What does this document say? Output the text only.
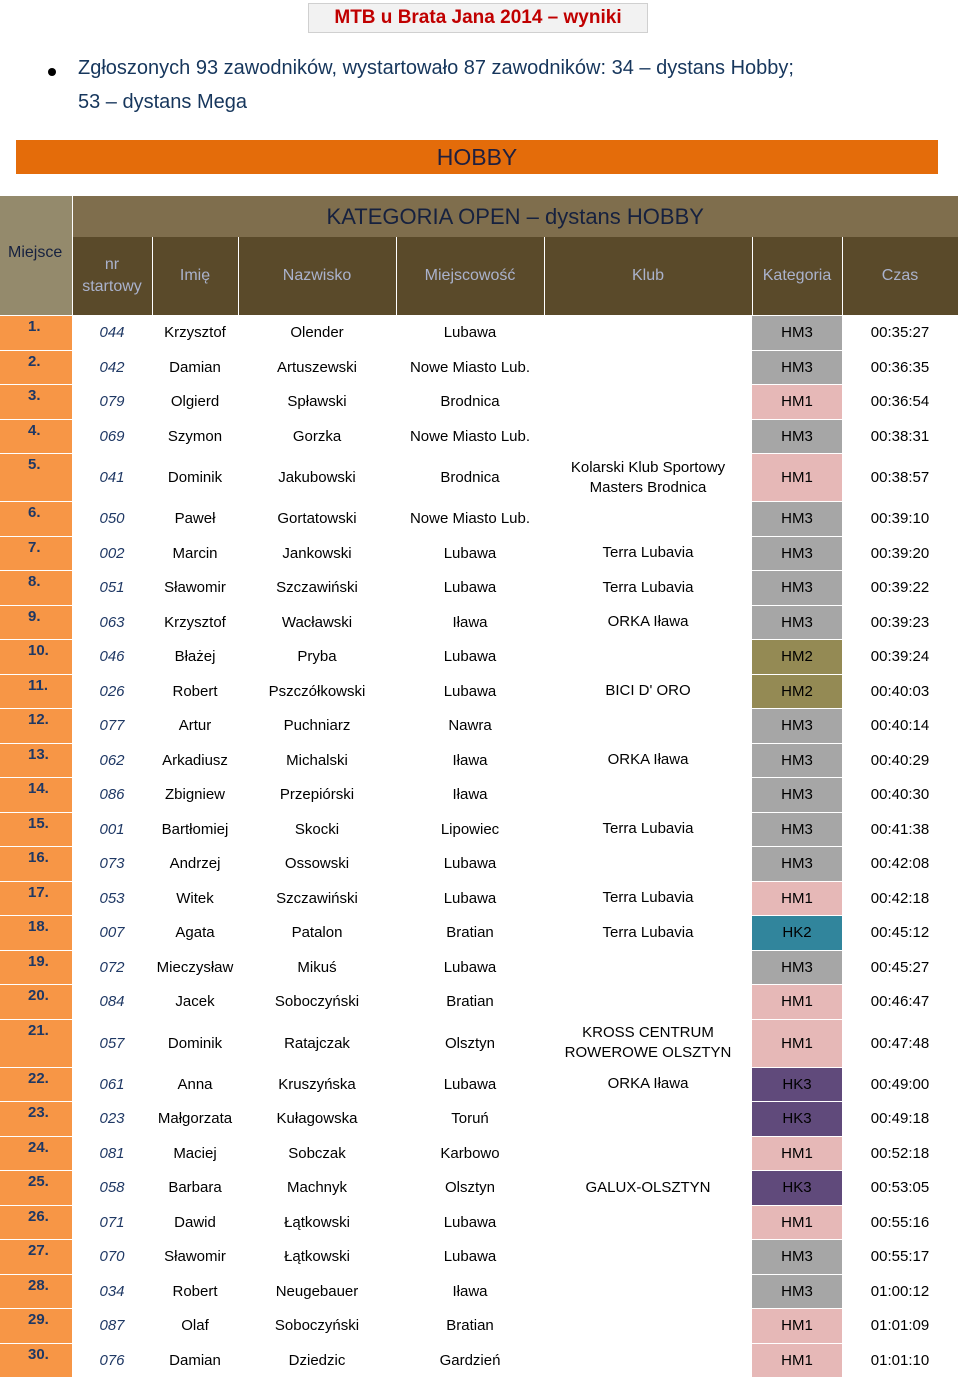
MTB u Brata Jana 2014 – wyniki
Zgłoszonych 93 zawodników, wystartowało 87 zawodników: 34 – dystans Hobby;
53 – dystans Mega
HOBBY
Miejsce	KATEGORIA OPEN – dystans HOBBY						
	nr
startowy	Imię	Nazwisko	Miejscowość	Klub	Kategoria	Czas
1.	044	Krzysztof	Olender	Lubawa		HM3	00:35:27
2.	042	Damian	Artuszewski	Nowe Miasto Lub.		HM3	00:36:35
3.	079	Olgierd	Spławski	Brodnica		HM1	00:36:54
4.	069	Szymon	Gorzka	Nowe Miasto Lub.		HM3	00:38:31
5.	041	Dominik	Jakubowski	Brodnica	Kolarski Klub Sportowy
Masters Brodnica	HM1	00:38:57
6.	050	Paweł	Gortatowski	Nowe Miasto Lub.		HM3	00:39:10
7.	002	Marcin	Jankowski	Lubawa	Terra Lubavia	HM3	00:39:20
8.	051	Sławomir	Szczawiński	Lubawa	Terra Lubavia	HM3	00:39:22
9.	063	Krzysztof	Wacławski	Iława	ORKA Iława	HM3	00:39:23
10.	046	Błażej	Pryba	Lubawa		HM2	00:39:24
11.	026	Robert	Pszczółkowski	Lubawa	BICI D' ORO	HM2	00:40:03
12.	077	Artur	Puchniarz	Nawra		HM3	00:40:14
13.	062	Arkadiusz	Michalski	Iława	ORKA Iława	HM3	00:40:29
14.	086	Zbigniew	Przepiórski	Iława		HM3	00:40:30
15.	001	Bartłomiej	Skocki	Lipowiec	Terra Lubavia	HM3	00:41:38
16.	073	Andrzej	Ossowski	Lubawa		HM3	00:42:08
17.	053	Witek	Szczawiński	Lubawa	Terra Lubavia	HM1	00:42:18
18.	007	Agata	Patalon	Bratian	Terra Lubavia	HK2	00:45:12
19.	072	Mieczysław	Mikuś	Lubawa		HM3	00:45:27
20.	084	Jacek	Soboczyński	Bratian		HM1	00:46:47
21.	057	Dominik	Ratajczak	Olsztyn	KROSS CENTRUM
ROWEROWE OLSZTYN	HM1	00:47:48
22.	061	Anna	Kruszyńska	Lubawa	ORKA Iława	HK3	00:49:00
23.	023	Małgorzata	Kułagowska	Toruń		HK3	00:49:18
24.	081	Maciej	Sobczak	Karbowo		HM1	00:52:18
25.	058	Barbara	Machnyk	Olsztyn	GALUX-OLSZTYN	HK3	00:53:05
26.	071	Dawid	Łątkowski	Lubawa		HM1	00:55:16
27.	070	Sławomir	Łątkowski	Lubawa		HM3	00:55:17
28.	034	Robert	Neugebauer	Iława		HM3	01:00:12
29.	087	Olaf	Soboczyński	Bratian		HM1	01:01:09
30.	076	Damian	Dziedzic	Gardzień		HM1	01:01:10
